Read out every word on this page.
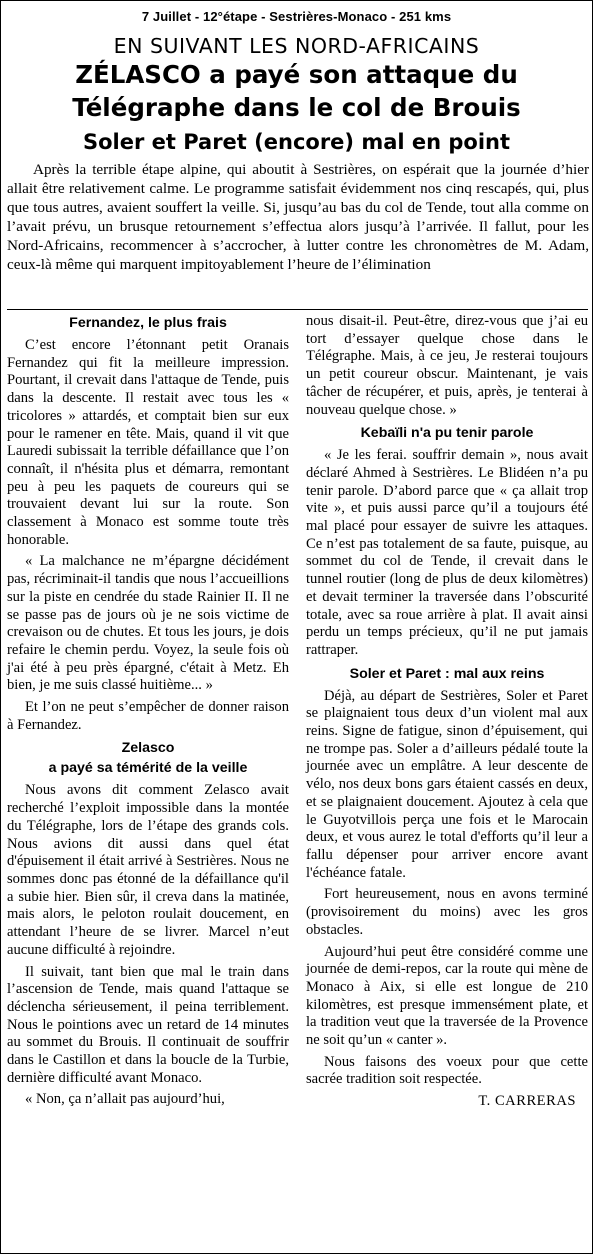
7 Juillet - 12°étape - Sestrières-Monaco - 251 kms
EN SUIVANT LES NORD-AFRICAINS
ZÉLASCO a payé son attaque du
Télégraphe dans le col de Brouis
Soler et Paret (encore) mal en point

Après la terrible étape alpine, qui aboutit à Sestrières, on espérait que la journée d’hier allait être relativement calme. Le programme satisfait évidemment nos cinq rescapés, qui, plus que tous autres, avaient souffert la veille. Si, jusqu’au bas du col de Tende, tout alla comme on l’avait prévu, un brusque retournement s’effectua alors jusqu’à l’arrivée. Il fallut, pour les Nord-Africains, recommencer à s’accrocher, à lutter contre les chronomètres de M. Adam, ceux-là même qui marquent impitoyablement l’heure de l’élimination

Fernandez, le plus frais

C’est encore l’étonnant petit Oranais Fernandez qui fit la meilleure impression. Pourtant, il crevait dans l'attaque de Tende, puis dans la descente. Il restait avec tous les « tricolores » attardés, et comptait bien sur eux pour le ramener en tête. Mais, quand il vit que Lauredi subissait la terrible défaillance que l’on connaît, il n'hésita plus et démarra, remontant peu à peu les paquets de coureurs qui se trouvaient devant lui sur la route. Son classement à Monaco est somme toute très honorable.

« La malchance ne m’épargne décidément pas, récriminait-il tandis que nous l’accueillions sur la piste en cendrée du stade Rainier II. Il ne se passe pas de jours où je ne sois victime de crevaison ou de chutes. Et tous les jours, je dois refaire le chemin perdu. Voyez, la seule fois où j'ai été à peu près épargné, c'était à Metz. Eh bien, je me suis classé huitième... »

Et l’on ne peut s’empêcher de donner raison à Fernandez.

Zelasco
a payé sa témérité de la veille

Nous avons dit comment Zelasco avait recherché l’exploit impossible dans la montée du Télégraphe, lors de l’étape des grands cols. Nous avions dit aussi dans quel état d'épuisement il était arrivé à Sestrières. Nous ne sommes donc pas étonné de la défaillance qu'il a subie hier. Bien sûr, il creva dans la matinée, mais alors, le peloton roulait doucement, en attendant l’heure de se livrer. Marcel n’eut aucune difficulté à rejoindre.

Il suivait, tant bien que mal le train dans l’ascension de Tende, mais quand l'attaque se déclencha sérieusement, il peina terriblement. Nous le pointions avec un retard de 14 minutes au sommet du Brouis. Il continuait de souffrir dans le Castillon et dans la boucle de la Turbie, dernière difficulté avant Monaco.

« Non, ça n’allait pas aujourd’hui,

nous disait-il. Peut-être, direz-vous que j’ai eu tort d’essayer quelque chose dans le Télégraphe. Mais, à ce jeu, Je resterai toujours un petit coureur obscur. Maintenant, je vais tâcher de récupérer, et puis, après, je tenterai à nouveau quelque chose. »

Kebaïli n'a pu tenir parole

« Je les ferai. souffrir demain », nous avait déclaré Ahmed à Sestrières. Le Blidéen n’a pu tenir parole. D’abord parce que « ça allait trop vite », et puis aussi parce qu’il a toujours été mal placé pour essayer de suivre les attaques. Ce n’est pas totalement de sa faute, puisque, au sommet du col de Tende, il crevait dans le tunnel routier (long de plus de deux kilomètres) et devait terminer la traversée dans l’obscurité totale, avec sa roue arrière à plat. Il avait ainsi perdu un temps précieux, qu’il ne put jamais rattraper.

Soler et Paret : mal aux reins

Déjà, au départ de Sestrières, Soler et Paret se plaignaient tous deux d’un violent mal aux reins. Signe de fatigue, sinon d’épuisement, qui ne trompe pas. Soler a d’ailleurs pédalé toute la journée avec un emplâtre. A leur descente de vélo, nos deux bons gars étaient cassés en deux, et se plaignaient doucement. Ajoutez à cela que le Guyotvillois perça une fois et le Marocain deux, et vous aurez le total d'efforts qu’il leur a fallu dépenser pour arriver encore avant l'échéance fatale.

Fort heureusement, nous en avons terminé (provisoirement du moins) avec les gros obstacles.

Aujourd’hui peut être considéré comme une journée de demi-repos, car la route qui mène de Monaco à Aix, si elle est longue de 210 kilomètres, est presque immensément plate, et la tradition veut que la traversée de la Provence ne soit qu’un « canter ».

Nous faisons des voeux pour que cette sacrée tradition soit respectée.

T. CARRERAS
